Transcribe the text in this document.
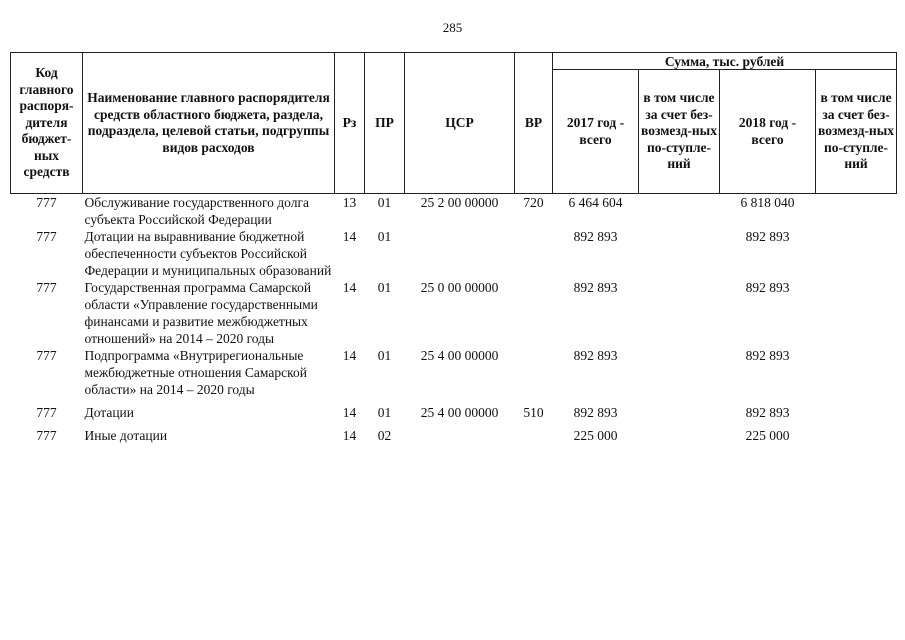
285
Код главного распоря-дителя бюджет-ных средств	Наименование главного распорядителя средств областного бюджета, раздела, подраздела, целевой статьи, подгруппы видов расходов	Рз	ПР	ЦСР	ВР	Сумма, тыс. рублей			
						2017 год - всего	в том числе за счет без-возмезд-ных по-ступле-ний	2018 год - всего	в том числе за счет без-возмезд-ных по-ступле-ний
777	Обслуживание государственного долга субъекта Российской Федерации	13	01	25 2 00 00000	720	6 464 604		6 818 040	
777	Дотации на выравнивание бюджетной обеспеченности субъектов Российской Федерации и муниципальных образований	14	01			892 893		892 893	
777	Государственная программа Самарской области «Управление государственными финансами и развитие межбюджетных отношений» на 2014 – 2020 годы	14	01	25 0 00 00000		892 893		892 893	
777	Подпрограмма «Внутрирегиональные межбюджетные отношения Самарской области» на 2014 – 2020 годы	14	01	25 4 00 00000		892 893		892 893	
777	Дотации	14	01	25 4 00 00000	510	892 893		892 893	
777	Иные дотации	14	02			225 000		225 000	
